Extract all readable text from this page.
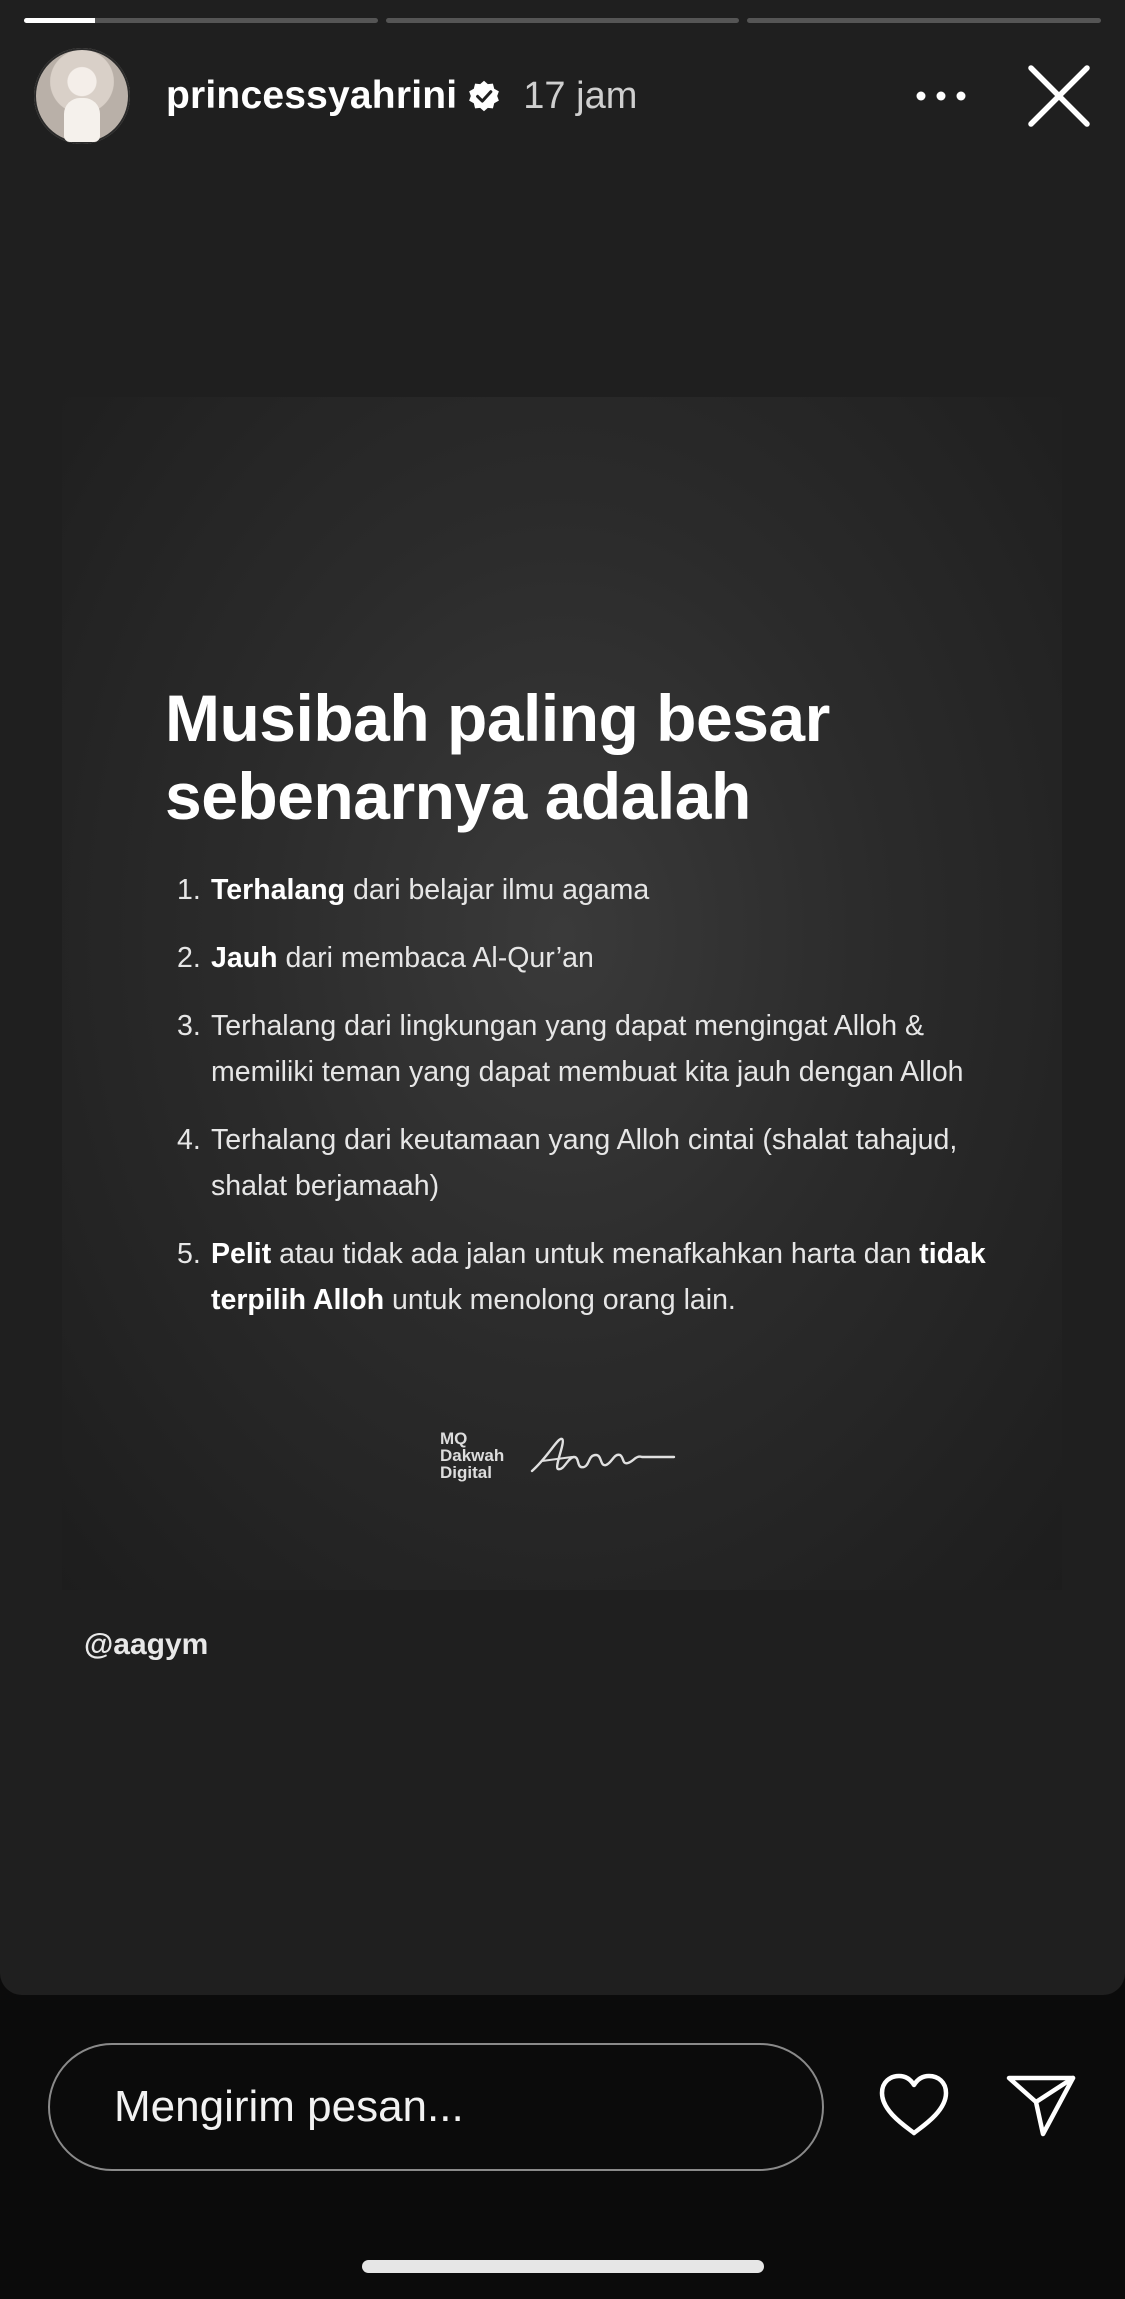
princessyahrini 17 jam
Musibah paling besar
sebenarnya adalah
1. Terhalang dari belajar ilmu agama
2. Jauh dari membaca Al-Qur’an
3. Terhalang dari lingkungan yang dapat mengingat Alloh & memiliki teman yang dapat membuat kita jauh dengan Alloh
4. Terhalang dari keutamaan yang Alloh cintai (shalat tahajud, shalat berjamaah)
5. Pelit atau tidak ada jalan untuk menafkahkan harta dan tidak terpilih Alloh untuk menolong orang lain.
MQ
Dakwah
Digital
@aagym
Mengirim pesan...
